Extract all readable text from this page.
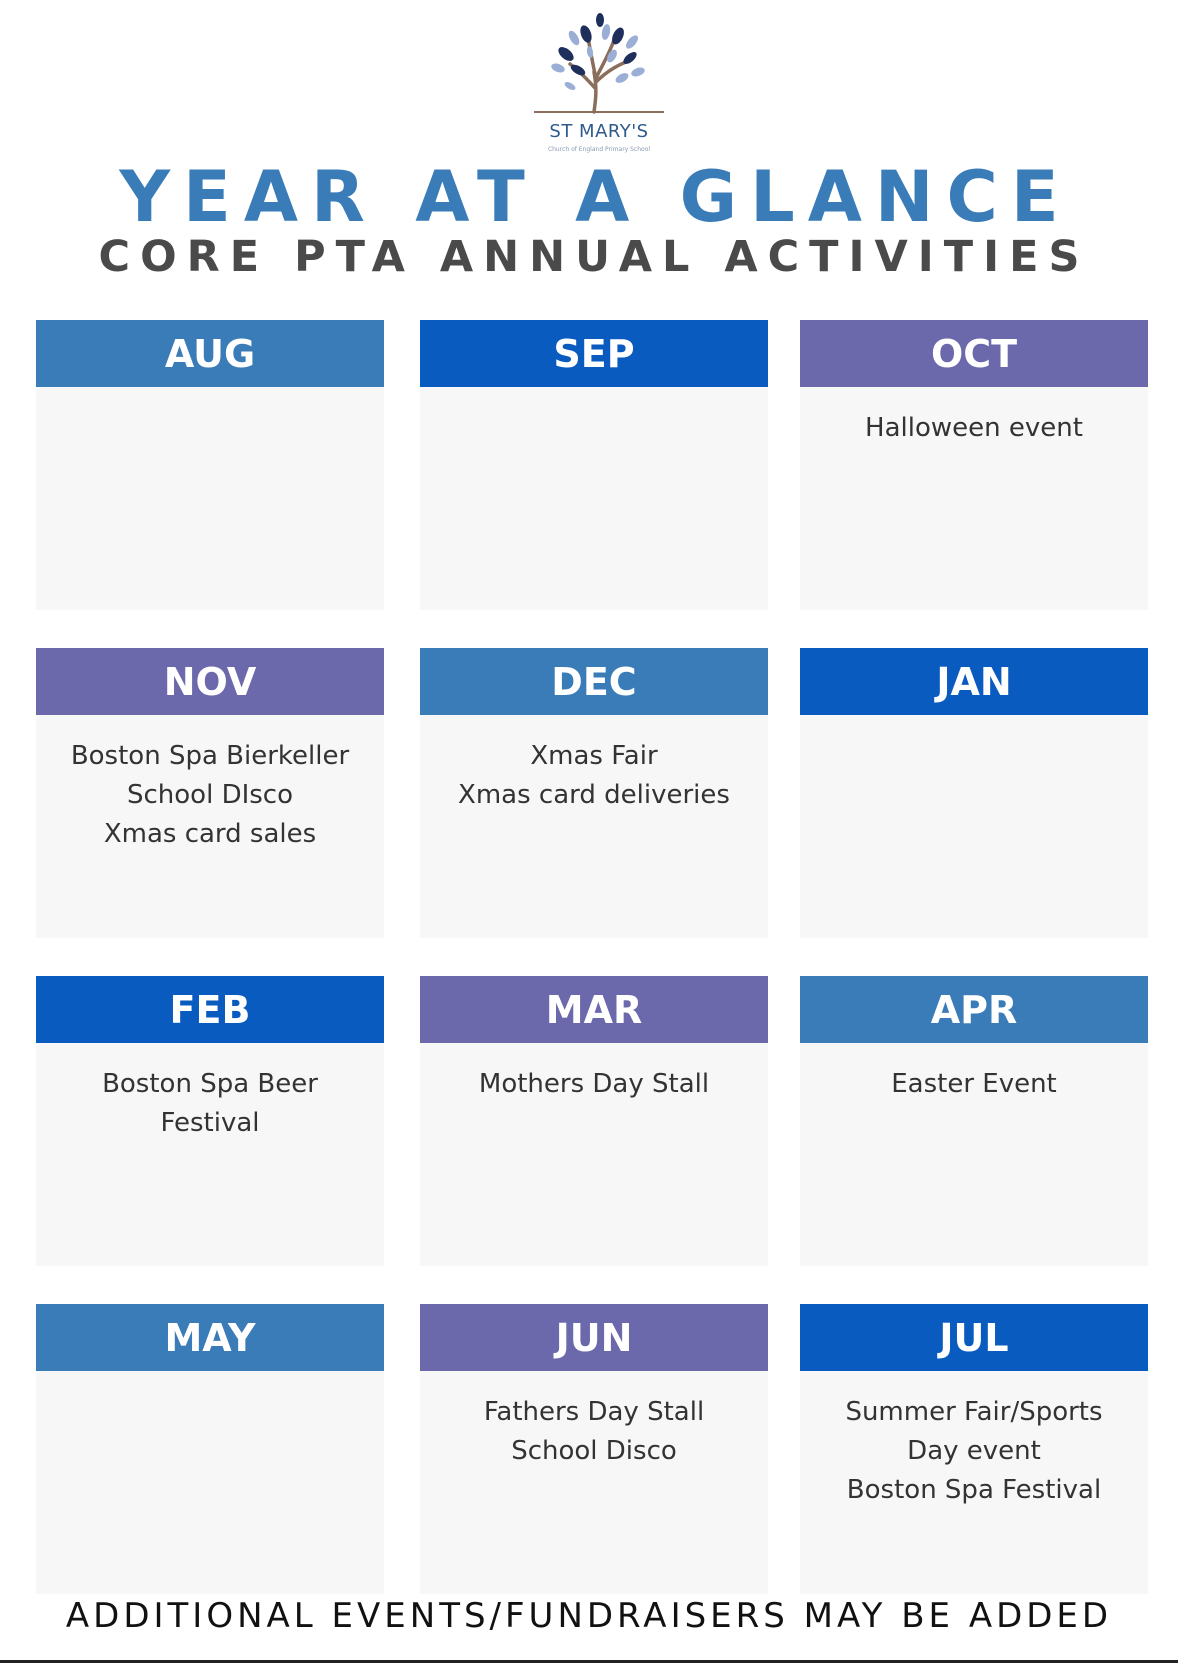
ST MARY'S
Church of England Primary School
YEAR AT A GLANCE
CORE PTA ANNUAL ACTIVITIES
AUG	SEP	OCT
Halloween event
NOV
Boston Spa Bierkeller
School DIsco
Xmas card sales
DEC
Xmas Fair
Xmas card deliveries
JAN
FEB
Boston Spa Beer
Festival
MAR
Mothers Day Stall
APR
Easter Event
MAY	JUN
Fathers Day Stall
School Disco
JUL
Summer Fair/Sports
Day event
Boston Spa Festival
ADDITIONAL EVENTS/FUNDRAISERS MAY BE ADDED
